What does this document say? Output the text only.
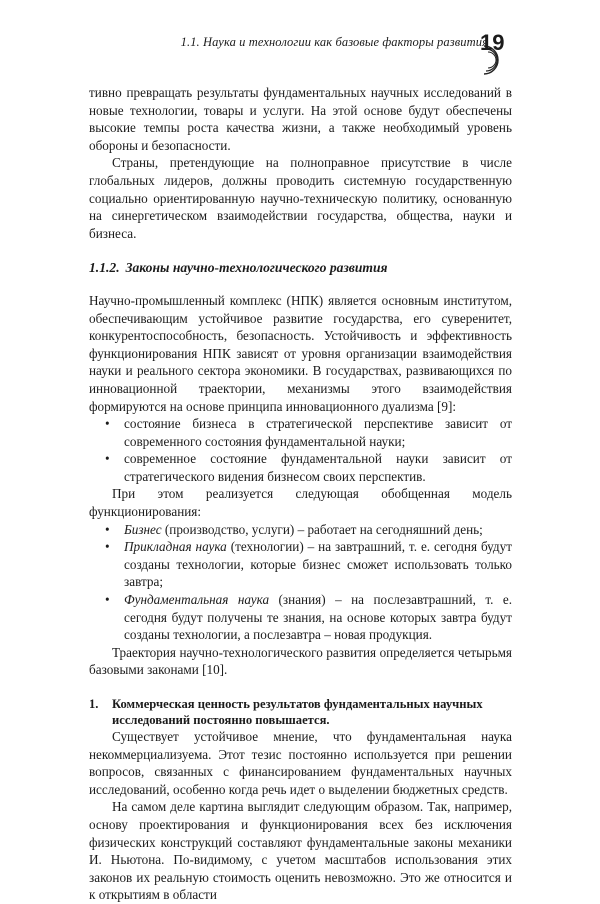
1.1. Наука и технологии как базовые факторы развития
19

тивно превращать результаты фундаментальных научных исследований в новые технологии, товары и услуги. На этой основе будут обеспечены высокие темпы роста качества жизни, а также необходимый уровень обороны и безопасности.

Страны, претендующие на полноправное присутствие в числе глобальных лидеров, должны проводить системную государственную социально ориентированную научно-техническую политику, основанную на синергетическом взаимодействии государства, общества, науки и бизнеса.

1.1.2. Законы научно-технологического развития

Научно-промышленный комплекс (НПК) является основным институтом, обеспечивающим устойчивое развитие государства, его суверенитет, конкурентоспособность, безопасность. Устойчивость и эффективность функционирования НПК зависят от уровня организации взаимодействия науки и реального сектора экономики. В государствах, развивающихся по инновационной траектории, механизмы этого взаимодействия формируются на основе принципа инновационного дуализма [9]:

• состояние бизнеса в стратегической перспективе зависит от современного состояния фундаментальной науки;
• современное состояние фундаментальной науки зависит от стратегического видения бизнесом своих перспектив.

При этом реализуется следующая обобщенная модель функционирования:

• Бизнес (производство, услуги) – работает на сегодняшний день;
• Прикладная наука (технологии) – на завтрашний, т. е. сегодня будут созданы технологии, которые бизнес сможет использовать только завтра;
• Фундаментальная наука (знания) – на послезавтрашний, т. е. сегодня будут получены те знания, на основе которых завтра будут созданы технологии, а послезавтра – новая продукция.

Траектория научно-технологического развития определяется четырьмя базовыми законами [10].

1. Коммерческая ценность результатов фундаментальных научных исследований постоянно повышается.

Существует устойчивое мнение, что фундаментальная наука некоммерциализуема. Этот тезис постоянно используется при решении вопросов, связанных с финансированием фундаментальных научных исследований, особенно когда речь идет о выделении бюджетных средств.

На самом деле картина выглядит следующим образом. Так, например, основу проектирования и функционирования всех без исключения физических конструкций составляют фундаментальные законы механики И. Ньютона. По-видимому, с учетом масштабов использования этих законов их реальную стоимость оценить невозможно. Это же относится и к открытиям в области
